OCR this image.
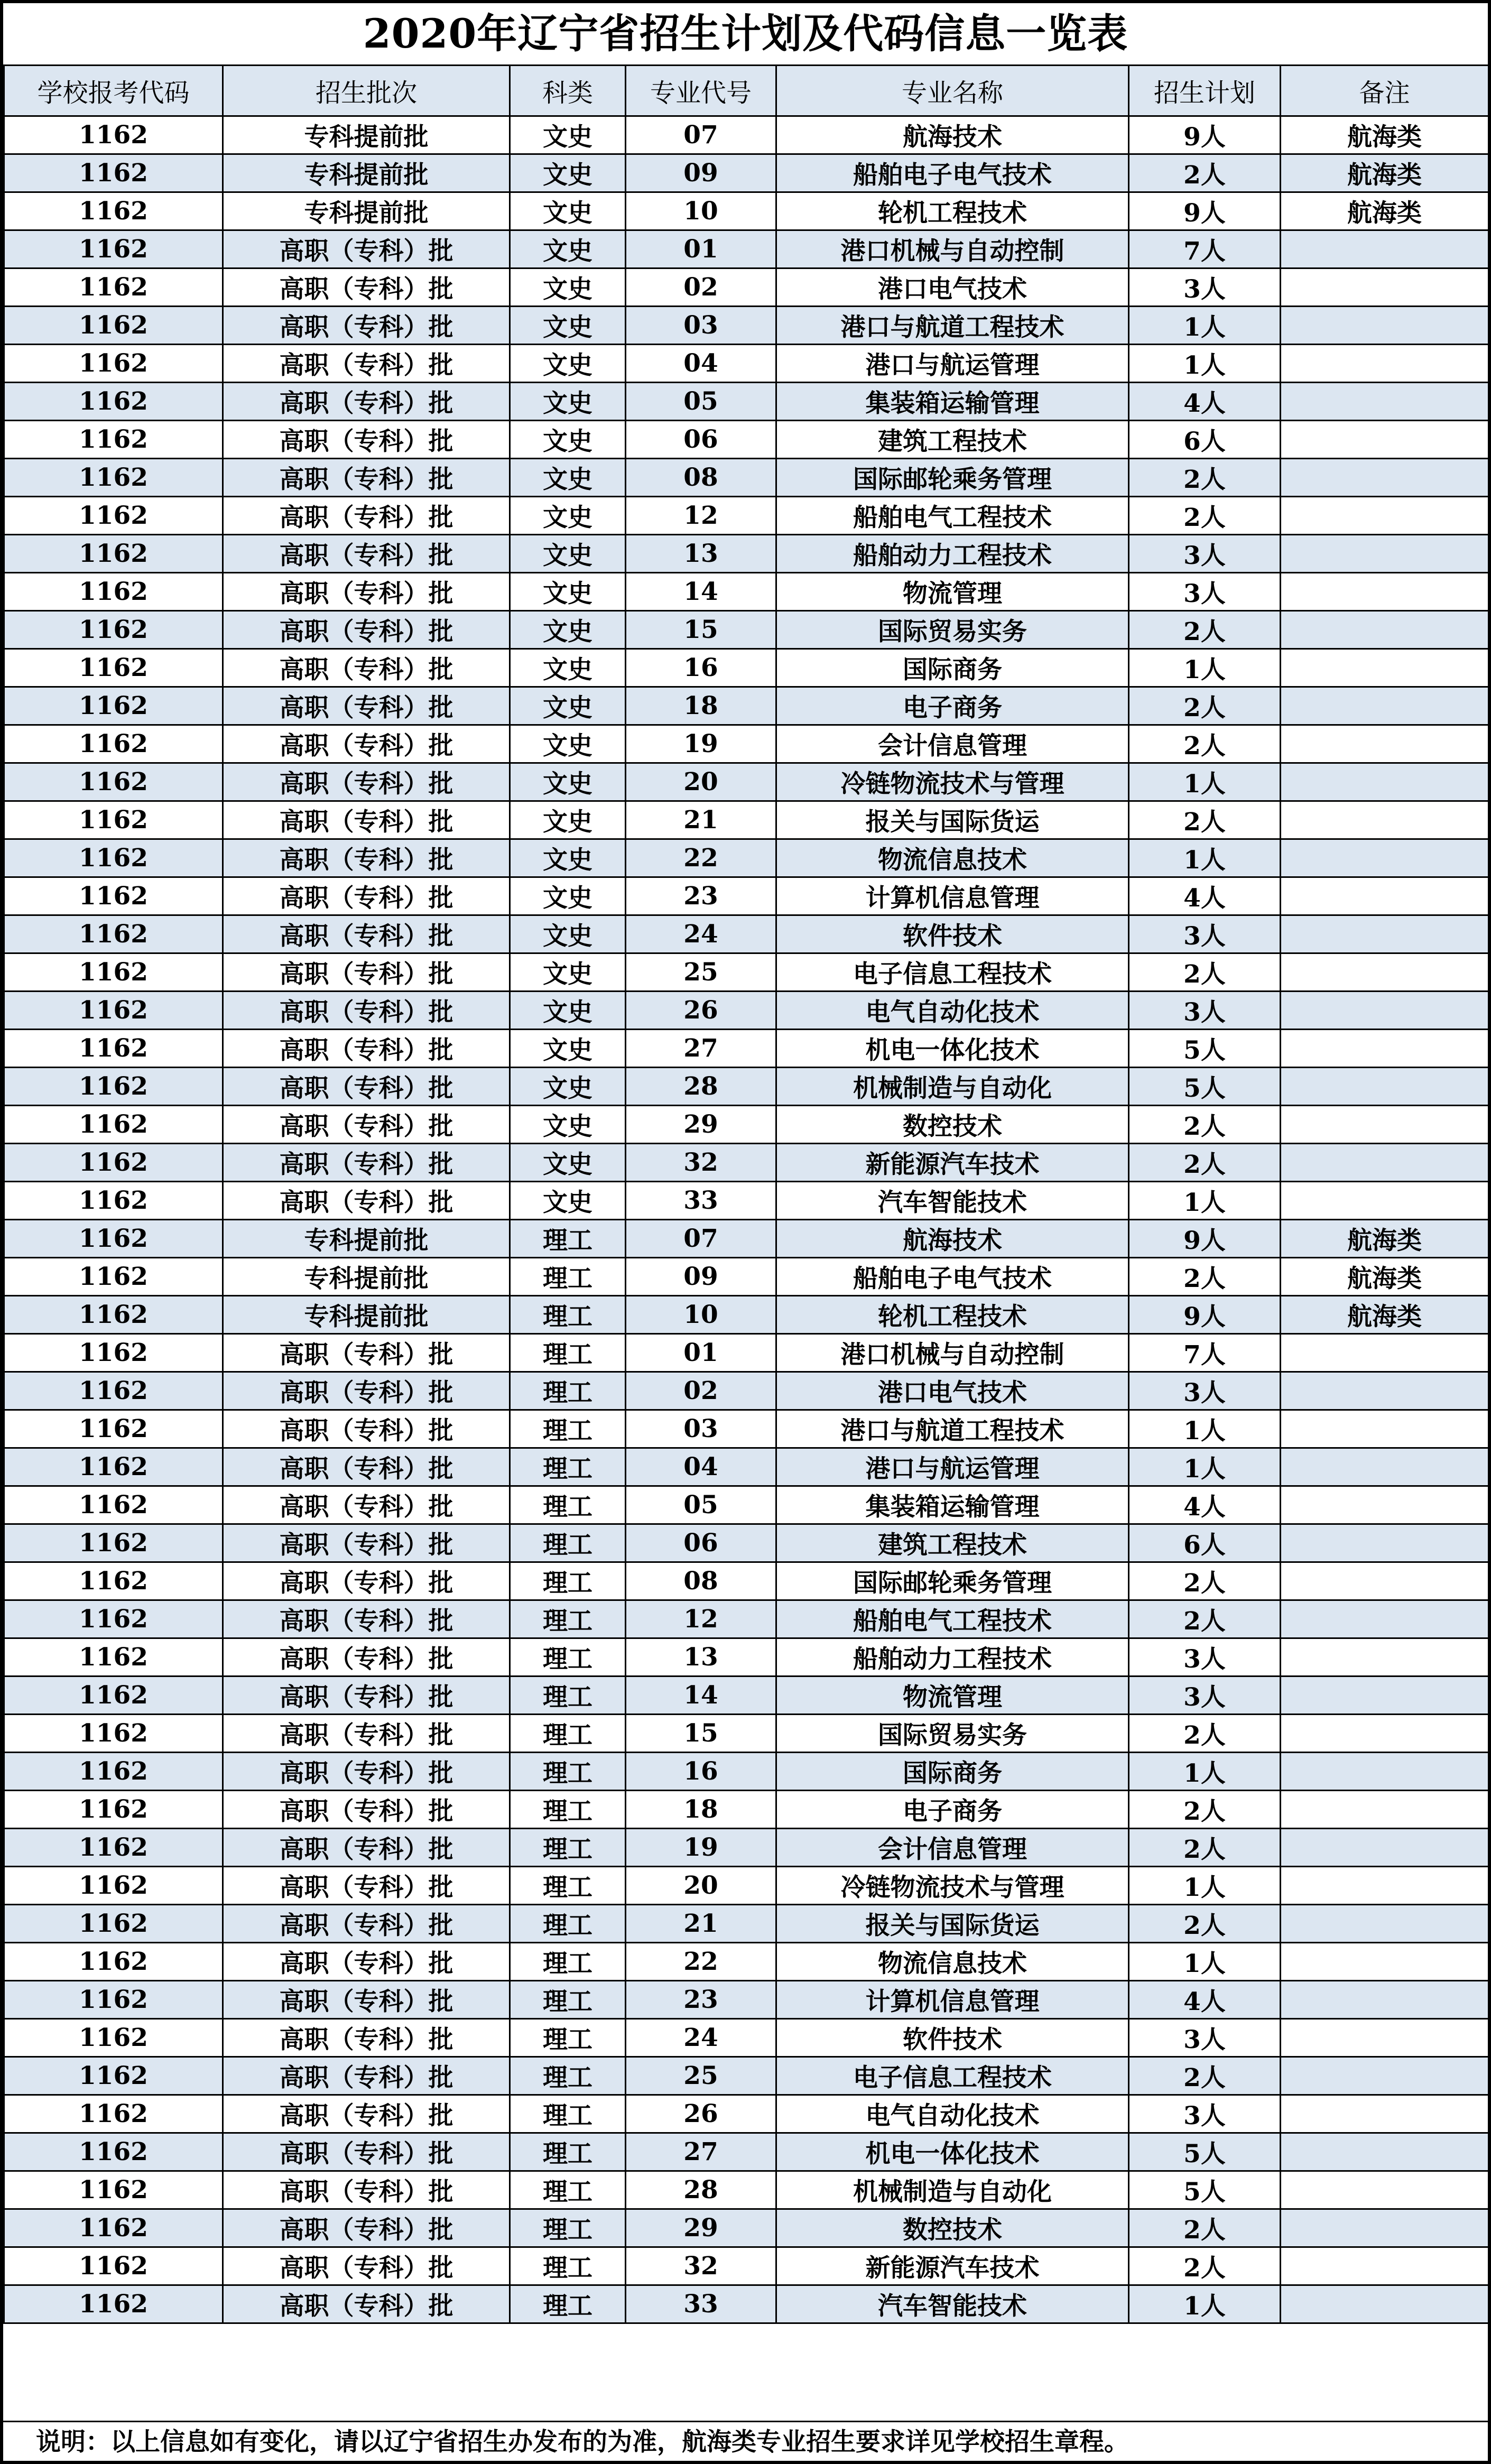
2020年辽宁省招生计划及代码信息一览表
学校报考代码	招生批次	科类	专业代号	专业名称	招生计划	备注
1162	专科提前批	文史	07	航海技术	9人	航海类
1162	专科提前批	文史	09	船舶电子电气技术	2人	航海类
1162	专科提前批	文史	10	轮机工程技术	9人	航海类
1162	高职（专科）批	文史	01	港口机械与自动控制	7人	
1162	高职（专科）批	文史	02	港口电气技术	3人	
1162	高职（专科）批	文史	03	港口与航道工程技术	1人	
1162	高职（专科）批	文史	04	港口与航运管理	1人	
1162	高职（专科）批	文史	05	集装箱运输管理	4人	
1162	高职（专科）批	文史	06	建筑工程技术	6人	
1162	高职（专科）批	文史	08	国际邮轮乘务管理	2人	
1162	高职（专科）批	文史	12	船舶电气工程技术	2人	
1162	高职（专科）批	文史	13	船舶动力工程技术	3人	
1162	高职（专科）批	文史	14	物流管理	3人	
1162	高职（专科）批	文史	15	国际贸易实务	2人	
1162	高职（专科）批	文史	16	国际商务	1人	
1162	高职（专科）批	文史	18	电子商务	2人	
1162	高职（专科）批	文史	19	会计信息管理	2人	
1162	高职（专科）批	文史	20	冷链物流技术与管理	1人	
1162	高职（专科）批	文史	21	报关与国际货运	2人	
1162	高职（专科）批	文史	22	物流信息技术	1人	
1162	高职（专科）批	文史	23	计算机信息管理	4人	
1162	高职（专科）批	文史	24	软件技术	3人	
1162	高职（专科）批	文史	25	电子信息工程技术	2人	
1162	高职（专科）批	文史	26	电气自动化技术	3人	
1162	高职（专科）批	文史	27	机电一体化技术	5人	
1162	高职（专科）批	文史	28	机械制造与自动化	5人	
1162	高职（专科）批	文史	29	数控技术	2人	
1162	高职（专科）批	文史	32	新能源汽车技术	2人	
1162	高职（专科）批	文史	33	汽车智能技术	1人	
1162	专科提前批	理工	07	航海技术	9人	航海类
1162	专科提前批	理工	09	船舶电子电气技术	2人	航海类
1162	专科提前批	理工	10	轮机工程技术	9人	航海类
1162	高职（专科）批	理工	01	港口机械与自动控制	7人	
1162	高职（专科）批	理工	02	港口电气技术	3人	
1162	高职（专科）批	理工	03	港口与航道工程技术	1人	
1162	高职（专科）批	理工	04	港口与航运管理	1人	
1162	高职（专科）批	理工	05	集装箱运输管理	4人	
1162	高职（专科）批	理工	06	建筑工程技术	6人	
1162	高职（专科）批	理工	08	国际邮轮乘务管理	2人	
1162	高职（专科）批	理工	12	船舶电气工程技术	2人	
1162	高职（专科）批	理工	13	船舶动力工程技术	3人	
1162	高职（专科）批	理工	14	物流管理	3人	
1162	高职（专科）批	理工	15	国际贸易实务	2人	
1162	高职（专科）批	理工	16	国际商务	1人	
1162	高职（专科）批	理工	18	电子商务	2人	
1162	高职（专科）批	理工	19	会计信息管理	2人	
1162	高职（专科）批	理工	20	冷链物流技术与管理	1人	
1162	高职（专科）批	理工	21	报关与国际货运	2人	
1162	高职（专科）批	理工	22	物流信息技术	1人	
1162	高职（专科）批	理工	23	计算机信息管理	4人	
1162	高职（专科）批	理工	24	软件技术	3人	
1162	高职（专科）批	理工	25	电子信息工程技术	2人	
1162	高职（专科）批	理工	26	电气自动化技术	3人	
1162	高职（专科）批	理工	27	机电一体化技术	5人	
1162	高职（专科）批	理工	28	机械制造与自动化	5人	
1162	高职（专科）批	理工	29	数控技术	2人	
1162	高职（专科）批	理工	32	新能源汽车技术	2人	
1162	高职（专科）批	理工	33	汽车智能技术	1人	
说明：以上信息如有变化，请以辽宁省招生办发布的为准，航海类专业招生要求详见学校招生章程。
